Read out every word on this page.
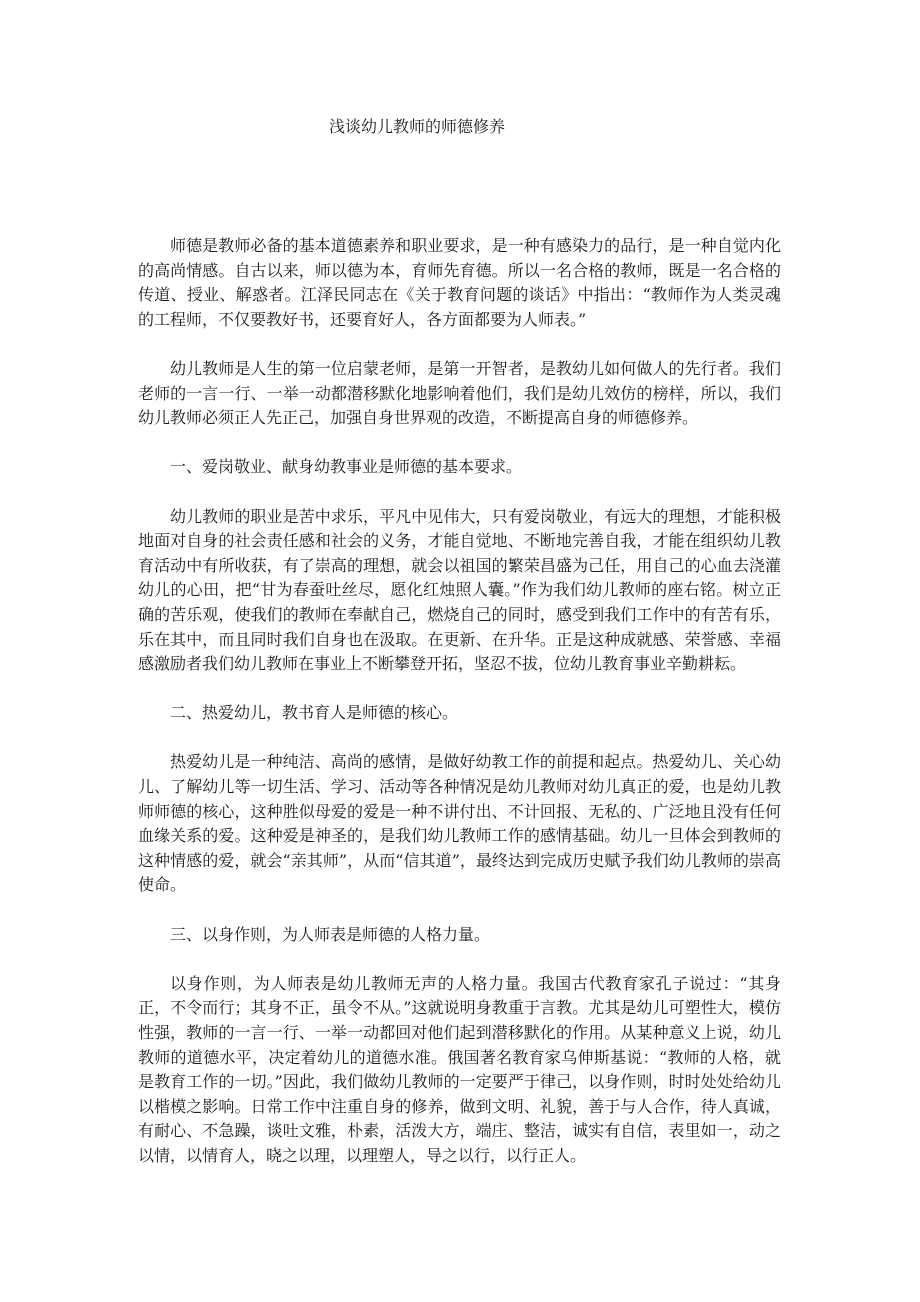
浅谈幼儿教师的师德修养

师德是教师必备的基本道德素养和职业要求，是一种有感染力的品行，是一种自觉内化的高尚情感。自古以来，师以德为本，育师先育德。所以一名合格的教师，既是一名合格的传道、授业、解惑者。江泽民同志在《关于教育问题的谈话》中指出：“教师作为人类灵魂的工程师，不仅要教好书，还要育好人，各方面都要为人师表。”

幼儿教师是人生的第一位启蒙老师，是第一开智者，是教幼儿如何做人的先行者。我们老师的一言一行、一举一动都潜移默化地影响着他们，我们是幼儿效仿的榜样，所以，我们幼儿教师必须正人先正己，加强自身世界观的改造，不断提高自身的师德修养。

一、爱岗敬业、献身幼教事业是师德的基本要求。

幼儿教师的职业是苦中求乐，平凡中见伟大，只有爱岗敬业，有远大的理想，才能积极地面对自身的社会责任感和社会的义务，才能自觉地、不断地完善自我，才能在组织幼儿教育活动中有所收获，有了崇高的理想，就会以祖国的繁荣昌盛为己任，用自己的心血去浇灌幼儿的心田，把“甘为春蚕吐丝尽，愿化红烛照人囊。”作为我们幼儿教师的座右铭。树立正确的苦乐观，使我们的教师在奉献自己，燃烧自己的同时，感受到我们工作中的有苦有乐，乐在其中，而且同时我们自身也在汲取。在更新、在升华。正是这种成就感、荣誉感、幸福感激励者我们幼儿教师在事业上不断攀登开拓，坚忍不拔，位幼儿教育事业辛勤耕耘。

二、热爱幼儿，教书育人是师德的核心。

热爱幼儿是一种纯洁、高尚的感情，是做好幼教工作的前提和起点。热爱幼儿、关心幼儿、了解幼儿等一切生活、学习、活动等各种情况是幼儿教师对幼儿真正的爱，也是幼儿教师师德的核心，这种胜似母爱的爱是一种不讲付出、不计回报、无私的、广泛地且没有任何血缘关系的爱。这种爱是神圣的，是我们幼儿教师工作的感情基础。幼儿一旦体会到教师的这种情感的爱，就会“亲其师”，从而“信其道”，最终达到完成历史赋予我们幼儿教师的崇高使命。

三、以身作则，为人师表是师德的人格力量。

以身作则，为人师表是幼儿教师无声的人格力量。我国古代教育家孔子说过：“其身正，不令而行；其身不正，虽令不从。”这就说明身教重于言教。尤其是幼儿可塑性大，模仿性强，教师的一言一行、一举一动都回对他们起到潜移默化的作用。从某种意义上说，幼儿教师的道德水平，决定着幼儿的道德水准。俄国著名教育家乌伸斯基说：“教师的人格，就是教育工作的一切。”因此，我们做幼儿教师的一定要严于律己，以身作则，时时处处给幼儿以楷模之影响。日常工作中注重自身的修养，做到文明、礼貌，善于与人合作，待人真诚，有耐心、不急躁，谈吐文雅，朴素，活泼大方，端庄、整洁，诚实有自信，表里如一，动之以情，以情育人，晓之以理，以理塑人，导之以行，以行正人。
